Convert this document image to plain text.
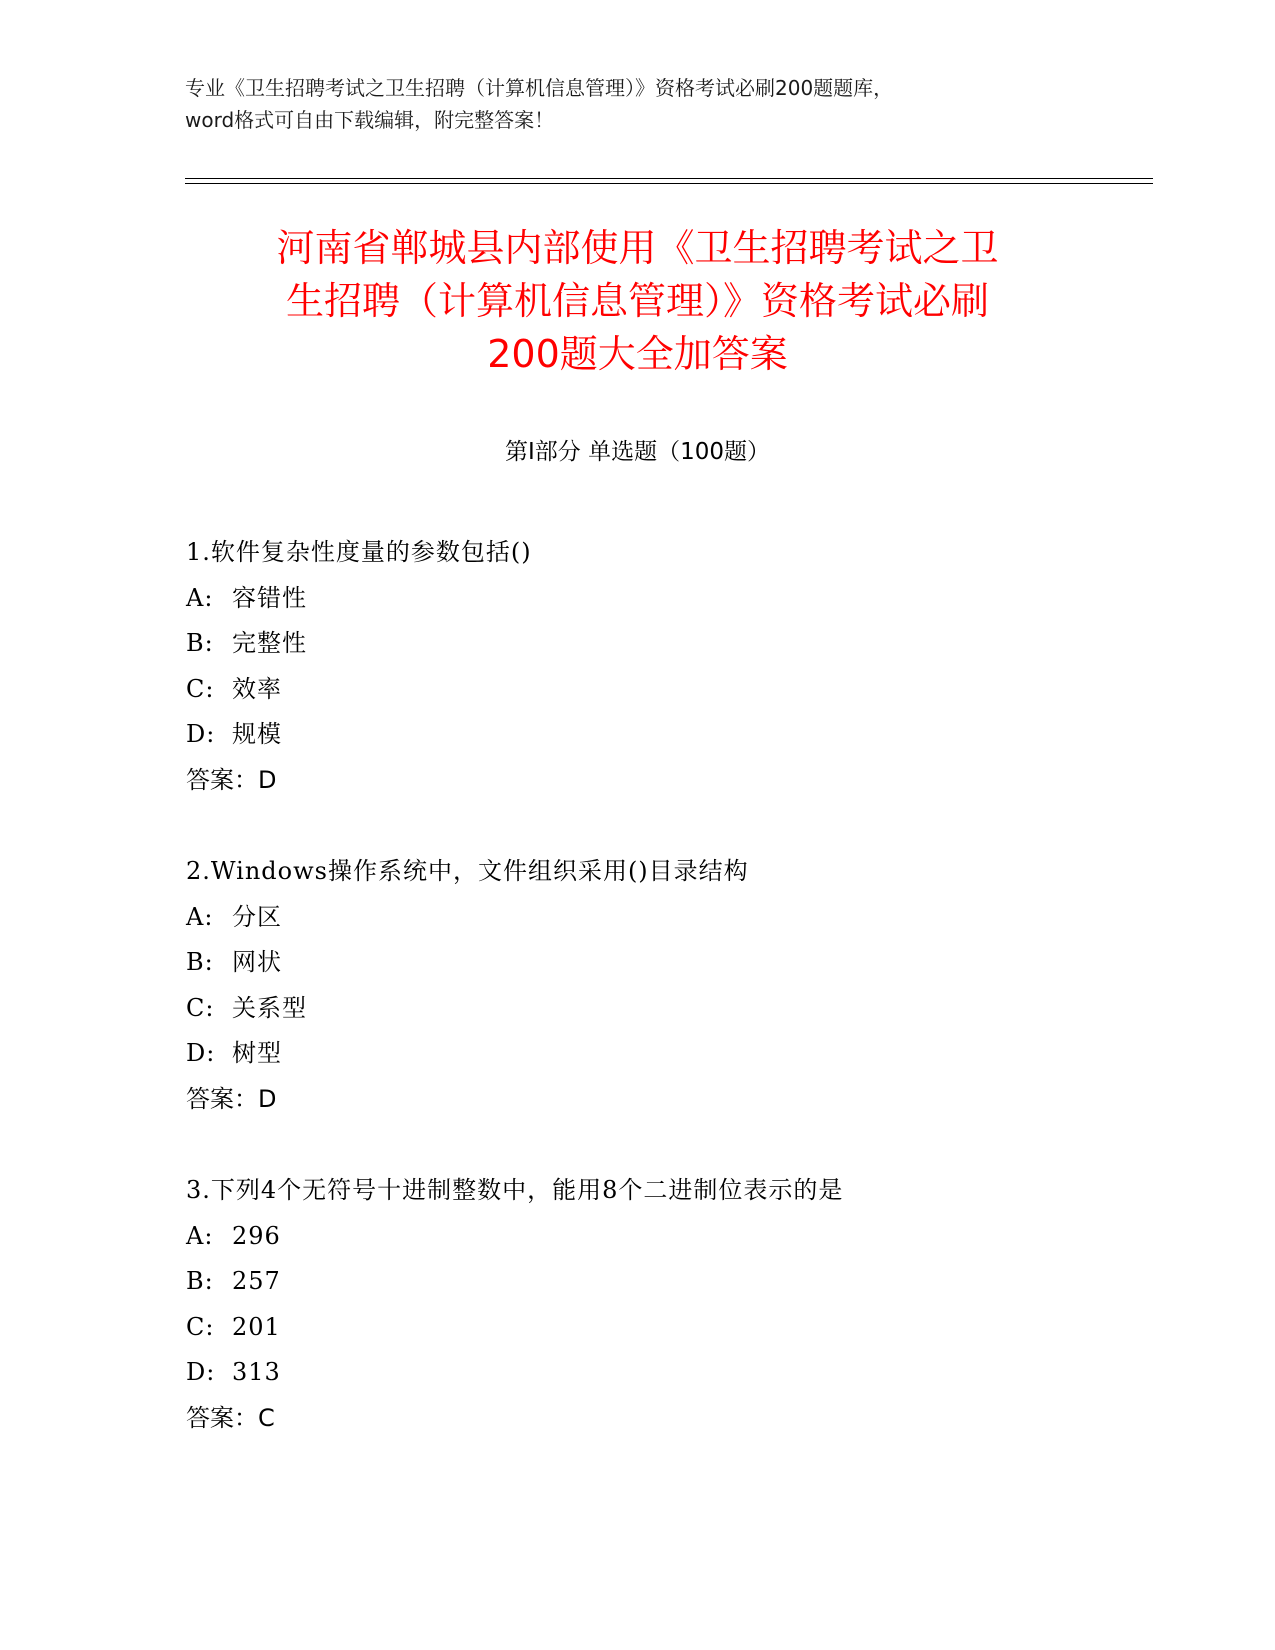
专业《卫生招聘考试之卫生招聘（计算机信息管理）》资格考试必刷200题题库，
word格式可自由下载编辑，附完整答案！
河南省郸城县内部使用《卫生招聘考试之卫
生招聘（计算机信息管理）》资格考试必刷
200题大全加答案
第Ⅰ部分 单选题（100题）
1.软件复杂性度量的参数包括()
A: 容错性
B: 完整性
C: 效率
D: 规模
答案：D
2.Windows操作系统中，文件组织采用()目录结构
A: 分区
B: 网状
C: 关系型
D: 树型
答案：D
3.下列4个无符号十进制整数中，能用8个二进制位表示的是
A: 296
B: 257
C: 201
D: 313
答案：C
